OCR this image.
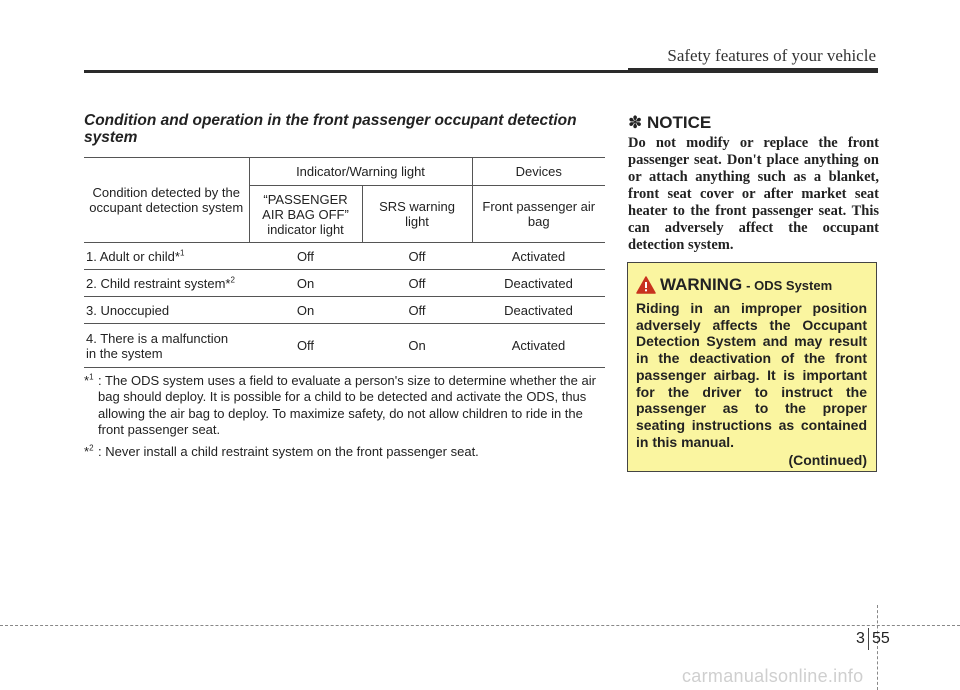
Safety features of your vehicle
Condition and operation in the front passenger occupant detection system
Condition detected by the occupant detection system	Indicator/Warning light		Devices
	“PASSENGER AIR BAG OFF” indicator light	SRS warning light	Front passenger air bag
1. Adult or child*$^1$	Off	Off	Activated
2. Child restraint system*$^2$	On	Off	Deactivated
3. Unoccupied	On	Off	Deactivated

4. There is a malfunction in the system	Off	On	Activated
*$^1$ : The ODS system uses a field to evaluate a person's size to determine whether the air bag should deploy. It is possible for a child to be detected and activate the ODS, thus allowing the air bag to deploy. To maximize safety, do not allow children to ride in the front passenger seat.
*$^2$ : Never install a child restraint system on the front passenger seat.
✽ NOTICE
Do not modify or replace the front passenger seat. Don't place anything on or attach anything such as a blanket, front seat cover or after market seat heater to the front passenger seat. This can adversely affect the occupant detection system.
WARNING - ODS System
Riding in an improper position adversely affects the Occupant Detection System and may result in the deactivation of the front passenger airbag. It is important for the driver to instruct the passenger as to the proper seating instructions as contained in this manual.
(Continued)
3 55
carmanualsonline.info
